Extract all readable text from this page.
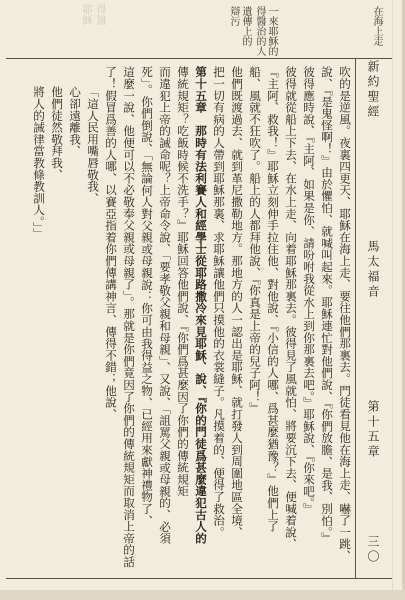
得醫
耶穌	在海上走
新約聖經
馬太福音
第十五章
三〇
一來耶穌的
得醫治的人
遺傳上的
辯污
吹的是逆風。夜裏四更天、耶穌在海上走、要往他們那裏去。門徒看見他在海上走、嚇了一跳、
說、『是鬼怪啊！』由於懼怕、就喊叫起來。耶穌連忙對他們說、『你們放膽、是我、別怕。』
彼得應時說、『主阿、如果是你、請吩咐我從水上到你那裏去吧。』耶穌說、『你來吧。』
彼得就從船上下去、在水上走、向着耶穌那裏去。彼得見了風就怕、將要沉下去、便喊着說、
『主阿、救我！』耶穌立刻伸手拉住他、對他說、『小信的人哪、爲甚麼猶豫？』他們上了
船、風就不狂吹了。船上的人都拜他說、『你真是上帝的兒子阿！』
他們既渡過去、就到革尼撒勒地方。那地方的人一認出是耶穌、就打發人到周圍地區全境、
把一切有病的人帶到耶穌那裏、求耶穌讓他們只摸他的衣裳縫子。凡摸着的、便得了救治。
第十五章　那時有法利賽人和經學士從耶路撒冷來見耶穌、說、『你的門徒爲甚麼違犯古人的
傳統規矩？吃飯時候不洗手？』耶穌回答他們說、『你們爲甚麼因了你們的傳統規矩
而違犯上帝的誡命呢？上帝命令說、「要孝敬父親和母親」、又說、「詛罵父親或母親的、必須
死」。你們倒說、「無論何人對父親或母親說：你可由我得益之物、已經用來獻神禮物了、
這麼一說、他便可以不必敬奉父親或母親了」。那就是你們竟因了你們的傳統規矩而取消上帝的話
了！假冒爲善的人哪、以賽亞指着你們傳講神言、傳得不錯；他說、
「這人民用嘴唇敬我、
心卻遠離我、
他們徒然敬拜我、
將人的誡律當教條教訓人。」」
